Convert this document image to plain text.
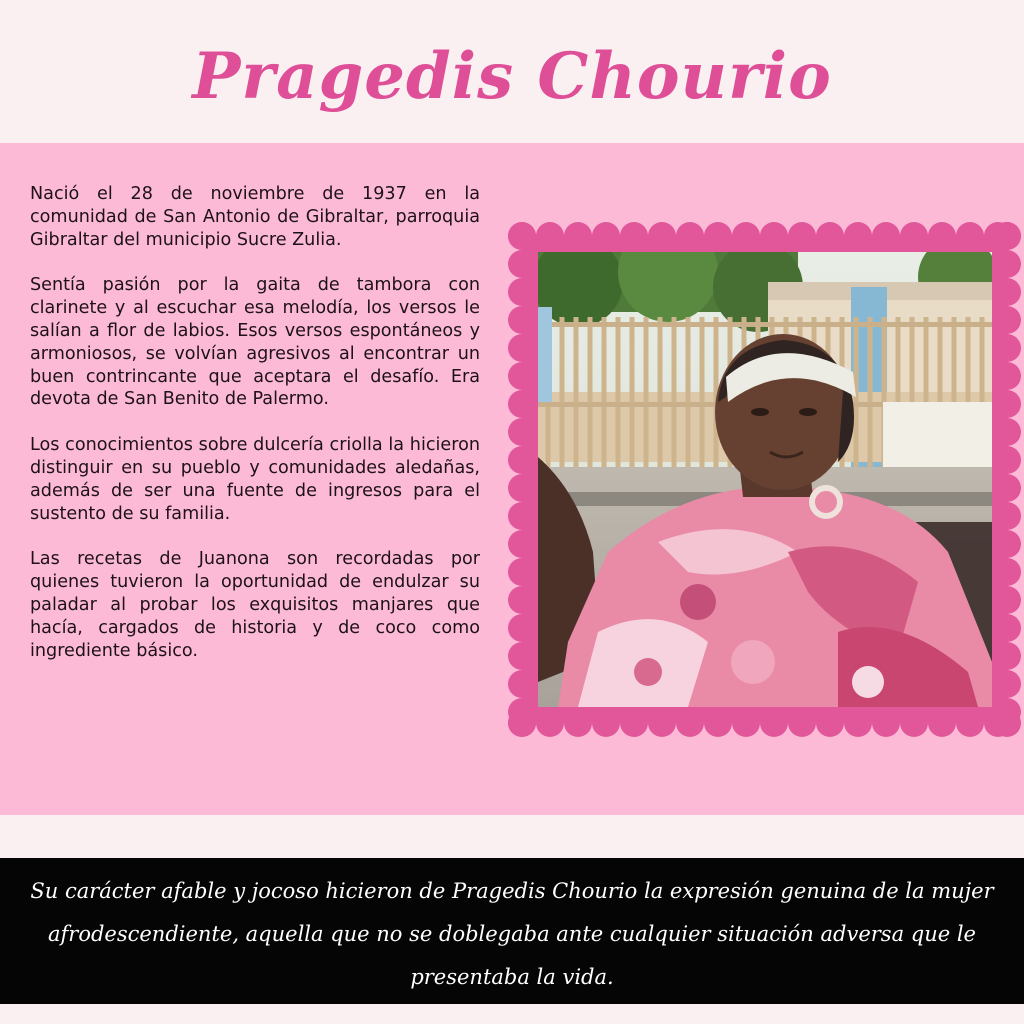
Pragedis Chourio

Nació el 28 de noviembre de 1937 en la comunidad de San Antonio de Gibraltar, parroquia Gibraltar del municipio Sucre Zulia.

Sentía pasión por la gaita de tambora con clarinete y al escuchar esa melodía, los versos le salían a flor de labios. Esos versos espontáneos y armoniosos, se volvían agresivos al encontrar un buen contrincante que aceptara el desafío. Era devota de San Benito de Palermo.

Los conocimientos sobre dulcería criolla la hicieron distinguir en su pueblo y comunidades aledañas, además de ser una fuente de ingresos para el sustento de su familia.

Las recetas de Juanona son recordadas por quienes tuvieron la oportunidad de endulzar su paladar al probar los exquisitos manjares que hacía, cargados de historia y de coco como ingrediente básico.

Su carácter afable y jocoso hicieron de Pragedis Chourio la expresión genuina de la mujer afrodescendiente, aquella que no se doblegaba ante cualquier situación adversa que le presentaba la vida.
